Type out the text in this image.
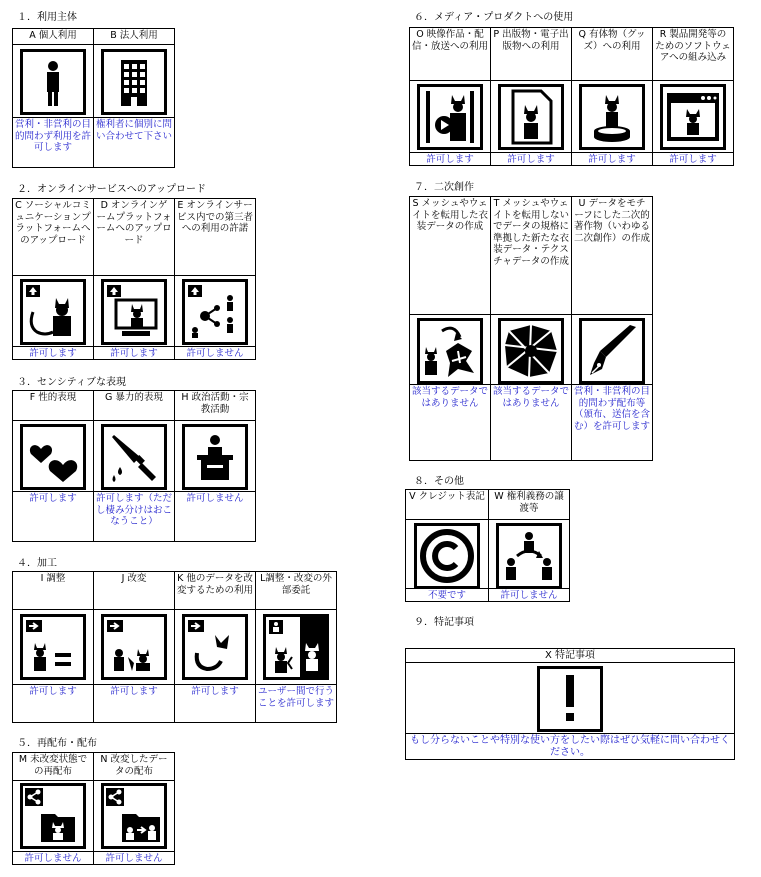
１．利用主体
２．オンラインサービスへのアップロード
３．センシティブな表現
４．加工
５．再配布・配布
６．メディア・プロダクトへの使用
７．二次創作
８．その他
９．特記事項
A 個人利用
営利・非営利の目的問わず利用を許可します
B 法人利用
権利者に個別に問い合わせて下さい
C ソーシャルコミュニケーションプラットフォームへのアップロード
許可します
D オンラインゲームプラットフォームへのアップロード
許可します
E オンラインサービス内での第三者への利用の許諾
許可しません
F 性的表現
許可します
G 暴力的表現
許可します（ただし棲み分けはおこなうこと）
H 政治活動・宗教活動
許可しません
I 調整
許可します
J 改変
許可します
K 他のデータを改変するための利用
許可します
L調整・改変の外部委託
ユーザー間で行うことを許可します
M 未改変状態での再配布
許可しません
N 改変したデータの配布
許可しません
O 映像作品・配信・放送への利用
許可します
P 出版物・電子出版物への利用
許可します
Q 有体物（グッズ）への利用
許可します
R 製品開発等のためのソフトウェアへの組み込み
許可します
S メッシュやウェイトを転用した衣装データの作成
該当するデータではありません
T メッシュやウェイトを転用しないでデータの規格に準拠した新たな衣装データ・テクスチャデータの作成
該当するデータではありません
U データをモチーフにした二次的著作物（いわゆる二次創作）の作成
営利・非営利の目的問わず配布等（頒布、送信を含む）を許可します
V クレジット表記
不要です
W 権利義務の譲渡等
許可しません
X 特記事項
もし分らないことや特別な使い方をしたい際はぜひ気軽に問い合わせください。
